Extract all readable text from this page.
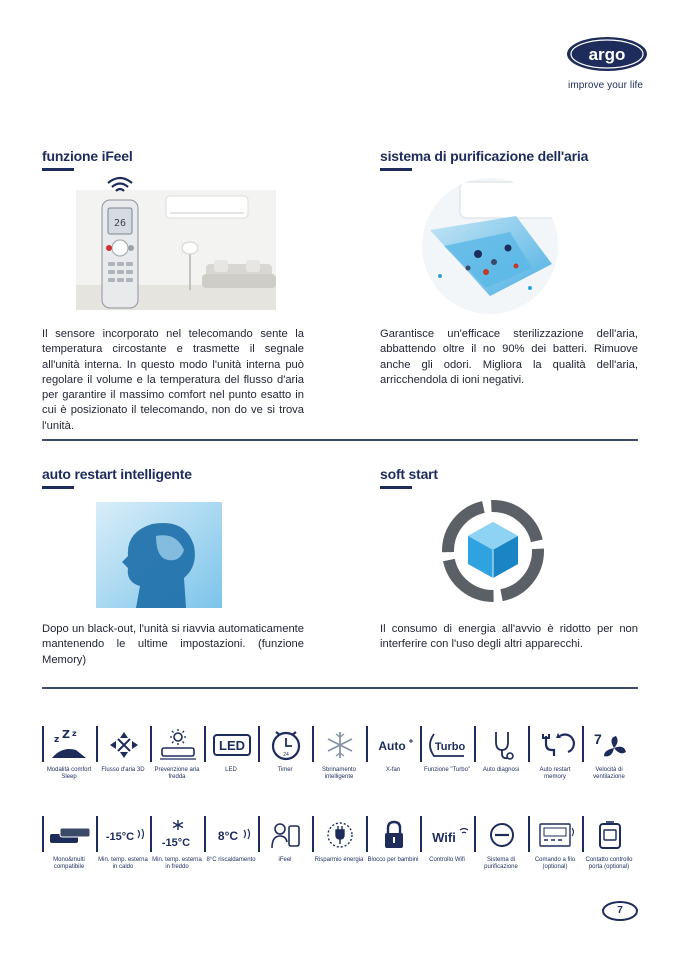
argo
improve your life
funzione iFeel
26
Il sensore incorporato nel telecomando sente la temperatura circostante e trasmette il segnale all'unità interna. In questo modo l'unità interna può regolare il volume e la temperatura del flusso d'aria per garantire il massimo comfort nel punto esatto in cui è posizionato il telecomando, non do ve si trova l'unità.
sistema di purificazione dell'aria
Garantisce un'efficace sterilizzazione dell'aria, abbattendo oltre il no 90% dei batteri. Rimuove anche gli odori. Migliora la qualità dell'aria, arricchendola di ioni negativi.
auto restart intelligente
Dopo un black-out, l'unità si riavvia automaticamente mantenendo le ultime impostazioni. (funzione Memory)
soft start
Il consumo di energia all'avvio è ridotto per non interferire con l'uso degli altri apparecchi.
z Z z
Modalità comfort Sleep
Flusso d'aria 3D	Prevenzione aria fredda
LED
LED
24
Timer	Sbrinamento intelligente
Auto
X-fan
Turbo
Funzione "Turbo"	Auto diagnosi	Auto restart memory
7
Velocità di ventilazione
Mono&multi compatibile
-15°C
Min. temp. esterna in caldo
-15°C
Min. temp. esterna in freddo
8°C
8°C riscaldamento	iFeel	Risparmio energia Blocco per bambini
Wifi
Controllo Wifi	Sistema di purificazione
Comando a filo (optional)
Contatto controllo porta (optional)
7
